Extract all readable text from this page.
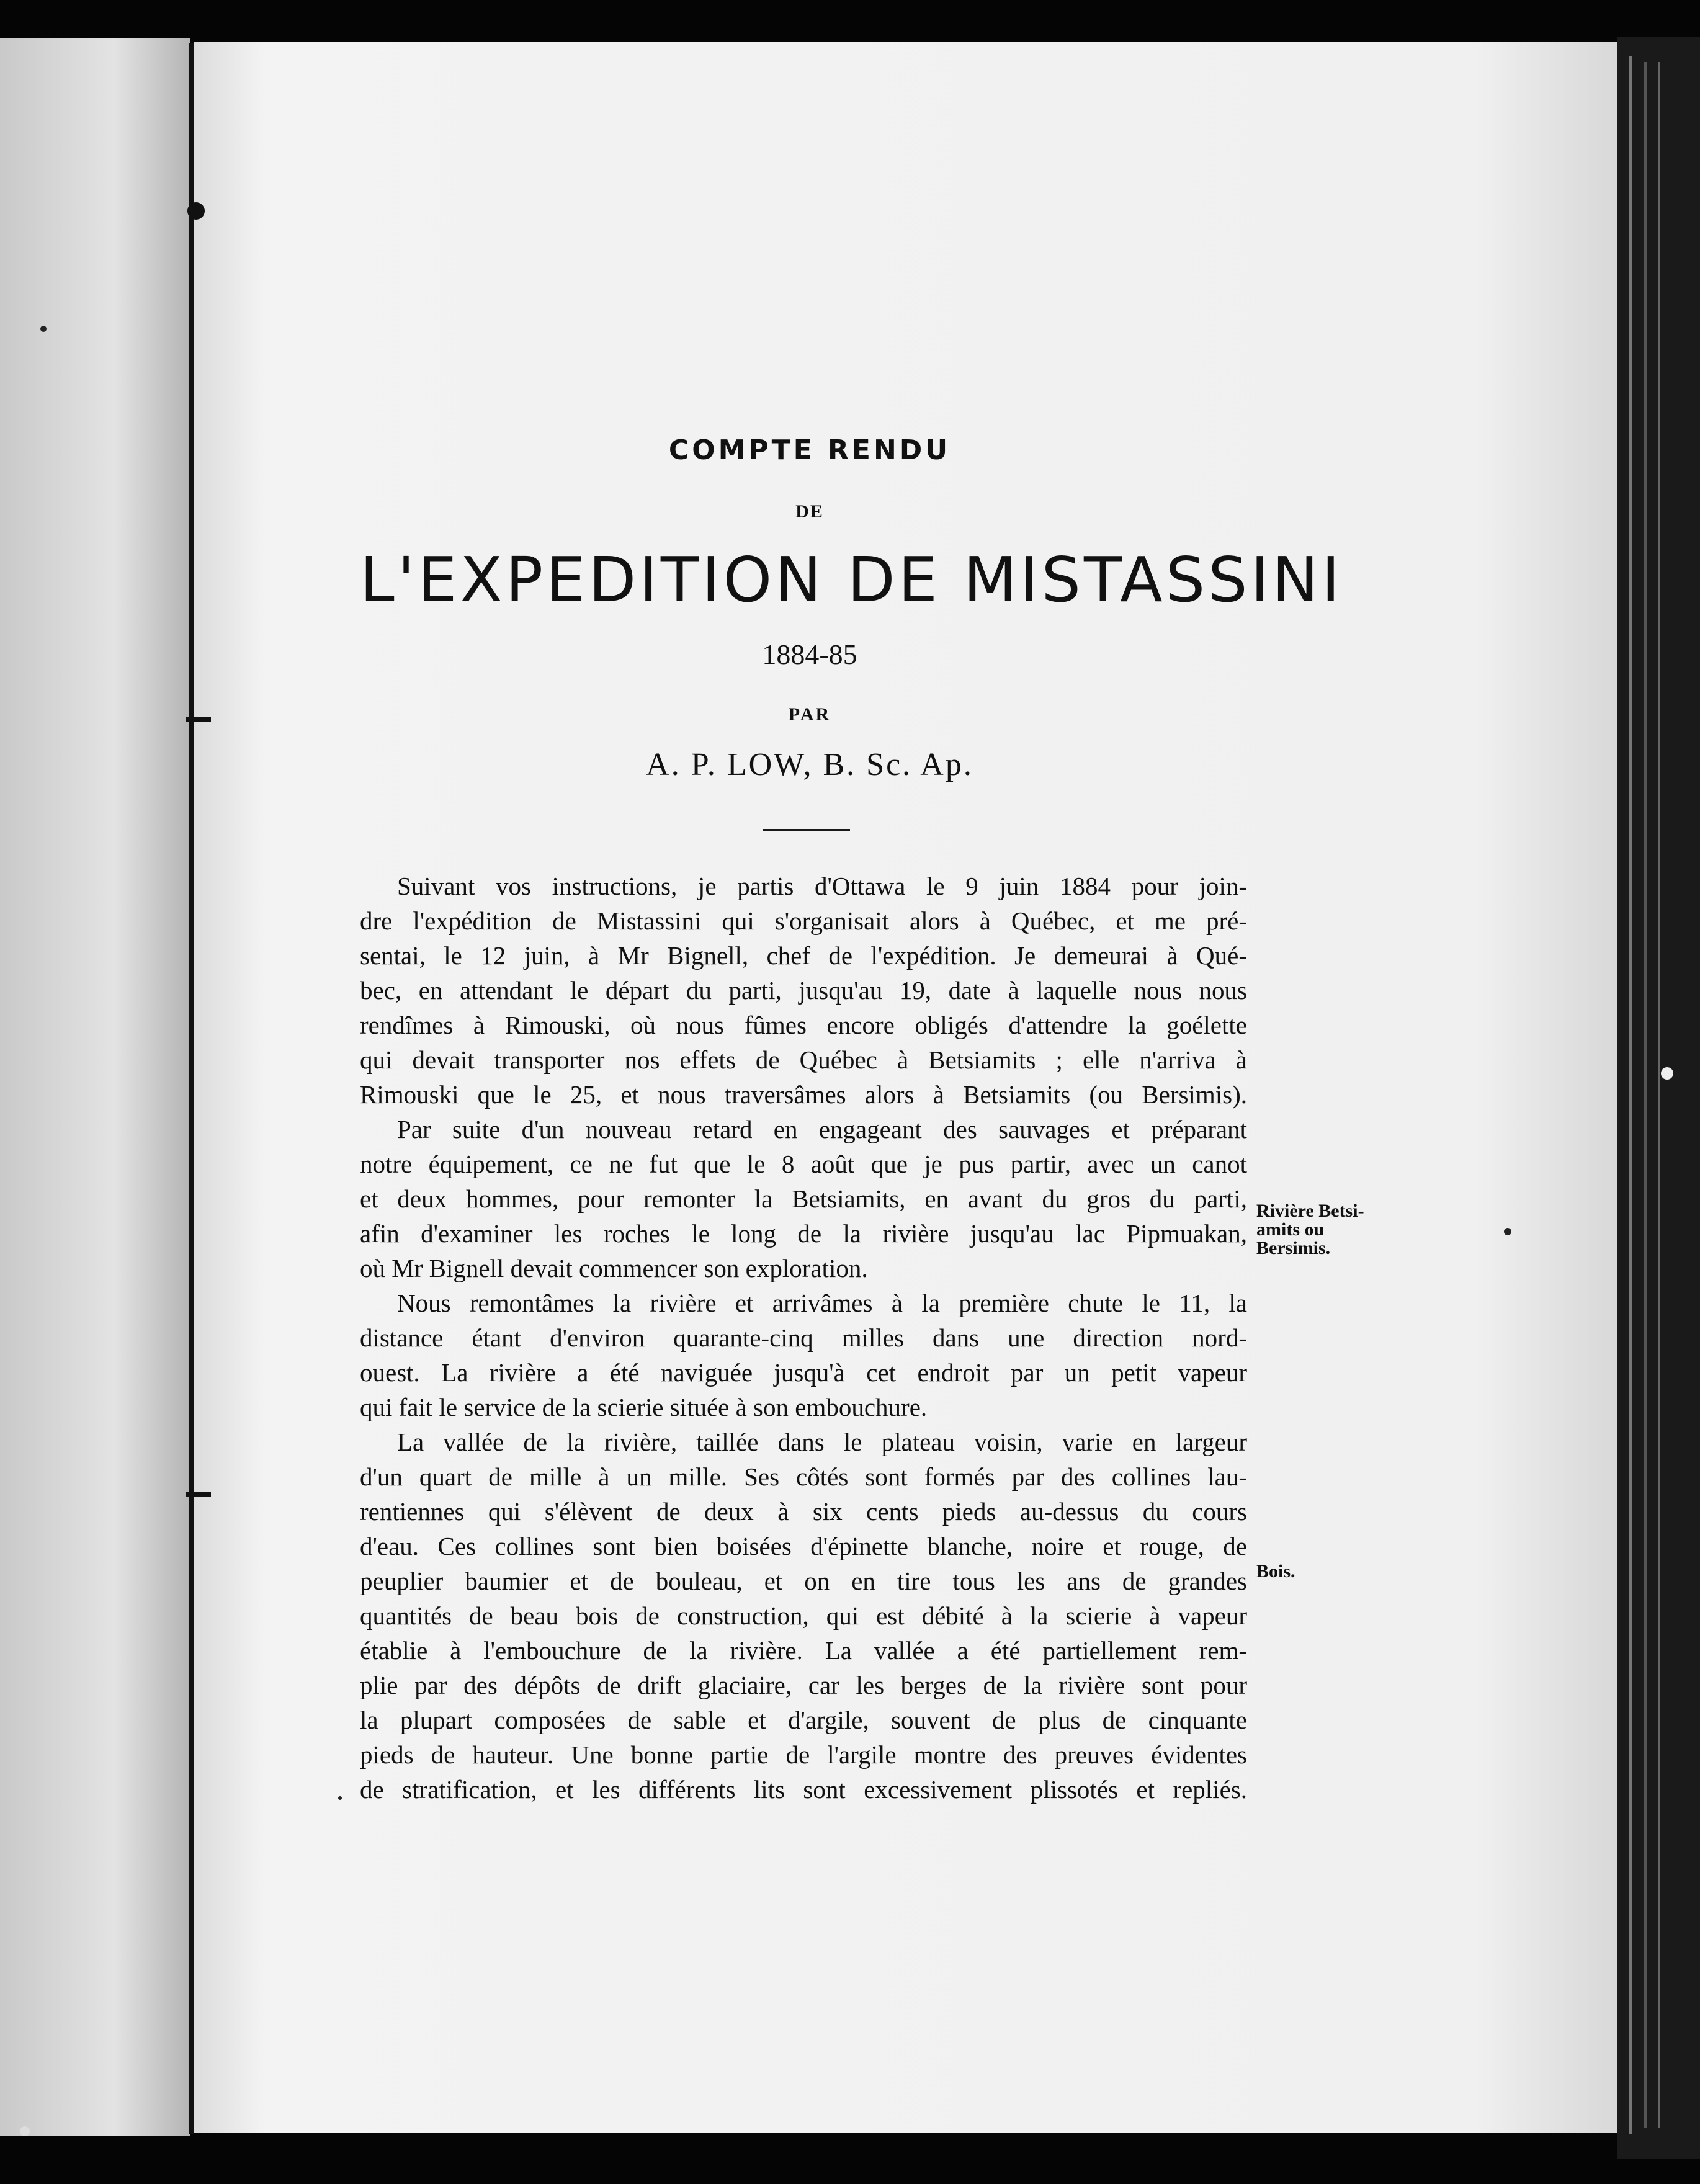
COMPTE RENDU
DE
L'EXPEDITION DE MISTASSINI
1884-85
PAR
A. P. LOW, B. Sc. Ap.
Suivant vos instructions, je partis d'Ottawa le 9 juin 1884 pour join-
dre l'expédition de Mistassini qui s'organisait alors à Québec, et me pré-
sentai, le 12 juin, à Mr Bignell, chef de l'expédition. Je demeurai à Qué-
bec, en attendant le départ du parti, jusqu'au 19, date à laquelle nous nous
rendîmes à Rimouski, où nous fûmes encore obligés d'attendre la goélette
qui devait transporter nos effets de Québec à Betsiamits ; elle n'arriva à
Rimouski que le 25, et nous traversâmes alors à Betsiamits (ou Bersimis).
Par suite d'un nouveau retard en engageant des sauvages et préparant
notre équipement, ce ne fut que le 8 août que je pus partir, avec un canot
et deux hommes, pour remonter la Betsiamits, en avant du gros du parti,
afin d'examiner les roches le long de la rivière jusqu'au lac Pipmuakan,
où Mr Bignell devait commencer son exploration.
Nous remontâmes la rivière et arrivâmes à la première chute le 11, la
distance étant d'environ quarante-cinq milles dans une direction nord-
ouest. La rivière a été naviguée jusqu'à cet endroit par un petit vapeur
qui fait le service de la scierie située à son embouchure.
La vallée de la rivière, taillée dans le plateau voisin, varie en largeur
d'un quart de mille à un mille. Ses côtés sont formés par des collines lau-
rentiennes qui s'élèvent de deux à six cents pieds au-dessus du cours
d'eau. Ces collines sont bien boisées d'épinette blanche, noire et rouge, de
peuplier baumier et de bouleau, et on en tire tous les ans de grandes
quantités de beau bois de construction, qui est débité à la scierie à vapeur
établie à l'embouchure de la rivière. La vallée a été partiellement rem-
plie par des dépôts de drift glaciaire, car les berges de la rivière sont pour
la plupart composées de sable et d'argile, souvent de plus de cinquante
pieds de hauteur. Une bonne partie de l'argile montre des preuves évidentes
de stratification, et les différents lits sont excessivement plissotés et repliés.
Rivière Betsi-
amits ou
Bersimis.
Bois.
